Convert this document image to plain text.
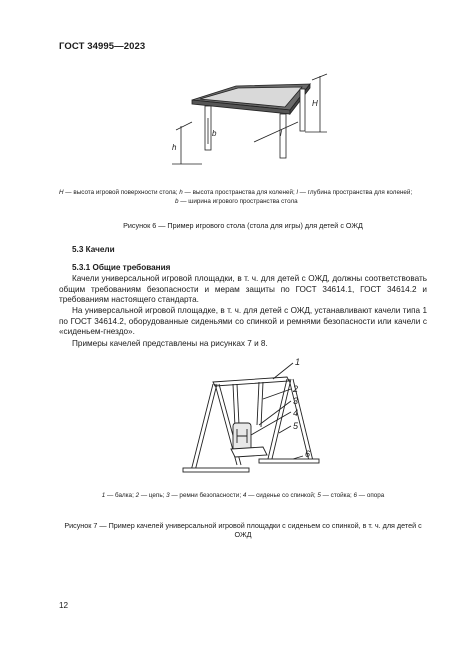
ГОСТ 34995—2023
H
h
l
b
H — высота игровой поверхности стола; h — высота пространства для коленей; l — глубина пространства для коленей;
b — ширина игрового пространства стола
Рисунок 6 — Пример игрового стола (стола для игры) для детей с ОЖД
5.3 Качели
5.3.1 Общие требования

Качели универсальной игровой площадки, в т. ч. для детей с ОЖД, должны соответствовать общим требованиям безопасности и мерам защиты по ГОСТ 34614.1, ГОСТ 34614.2 и требованиям настоящего стандарта.

На универсальной игровой площадке, в т. ч. для детей с ОЖД, устанавливают качели типа 1 по ГОСТ 34614.2, оборудованные сиденьями со спинкой и ремнями безопасности или качели с «сиденьем-гнездо».

Примеры качелей представлены на рисунках 7 и 8.

1
2
3
4
5
6
1 — балка; 2 — цепь; 3 — ремни безопасности; 4 — сиденье со спинкой; 5 — стойка; 6 — опора
Рисунок 7 — Пример качелей универсальной игровой площадки с сиденьем со спинкой, в т. ч. для детей с ОЖД
12
